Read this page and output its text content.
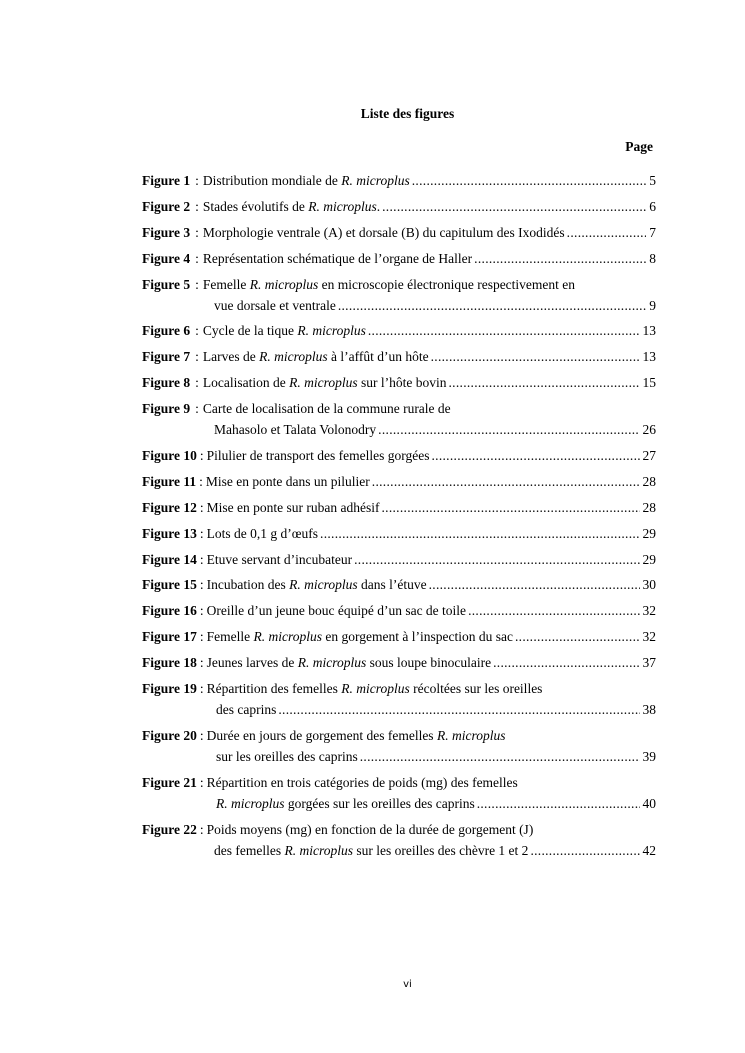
Liste des figures
Page
Figure 1 : Distribution mondiale de R. microplus .....	5
Figure 2 : Stades évolutifs de R. microplus. .....	6
Figure 3 : Morphologie ventrale (A) et dorsale (B) du capitulum des Ixodidés .....	7
Figure 4 : Représentation schématique de l’organe de Haller .....	8
Figure 5 : Femelle R. microplus en microscopie électronique respectivement en
vue dorsale et ventrale .....	9
Figure 6 : Cycle de la tique R. microplus .....	13
Figure 7 : Larves de R. microplus à l’affût d’un hôte .....	13
Figure 8 : Localisation de R. microplus sur l’hôte bovin .....	15
Figure 9 : Carte de localisation de la commune rurale de
Mahasolo et Talata Volonodry .....	26
Figure 10 : Pilulier de transport des femelles gorgées .....	27
Figure 11 : Mise en ponte dans un pilulier .....	28
Figure 12 : Mise en ponte sur ruban adhésif .....	28
Figure 13 : Lots de 0,1 g d’œufs .....	29
Figure 14 : Etuve servant d’incubateur .....	29
Figure 15 : Incubation des R. microplus dans l’étuve .....	30
Figure 16 : Oreille d’un jeune bouc équipé d’un sac de toile .....	32
Figure 17 : Femelle R. microplus en gorgement à l’inspection du sac .....	32
Figure 18 : Jeunes larves de R. microplus sous loupe binoculaire .....	37
Figure 19 : Répartition des femelles R. microplus récoltées sur les oreilles
des caprins .....	38
Figure 20 : Durée en jours de gorgement des femelles R. microplus
sur les oreilles des caprins .....	39
Figure 21 : Répartition en trois catégories de poids (mg) des femelles
R. microplus gorgées sur les oreilles des caprins .....	40
Figure 22 : Poids moyens (mg) en fonction de la durée de gorgement (J)
des femelles R. microplus sur les oreilles des chèvre 1 et 2 .....	42
vi
